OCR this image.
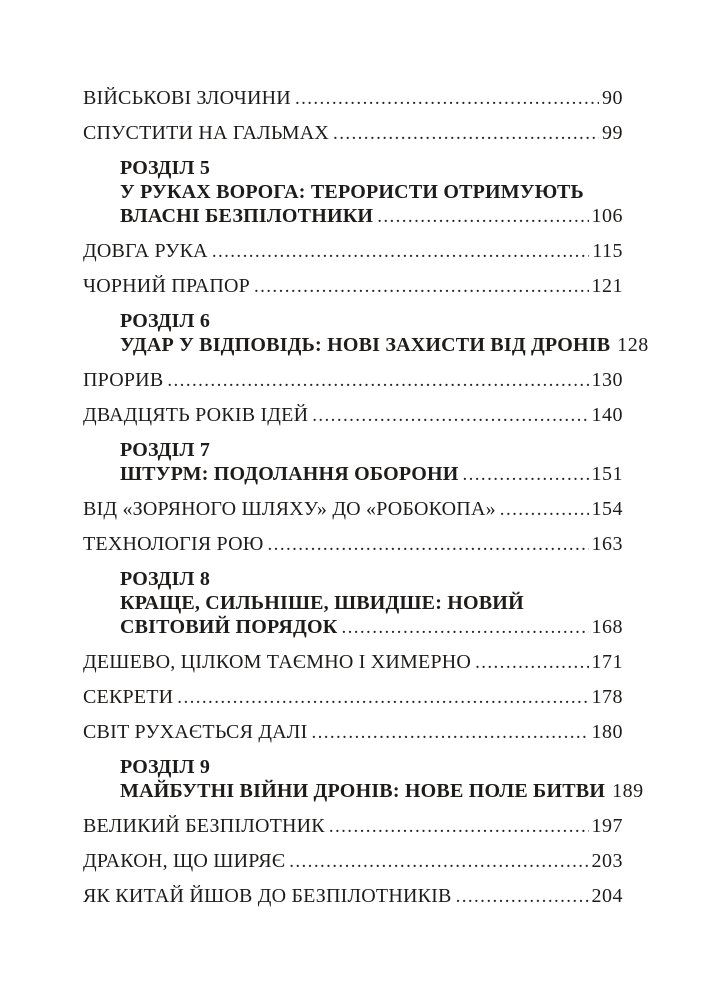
ВІЙСЬКОВІ ЗЛОЧИНИ .....	90
СПУСТИТИ НА ГАЛЬМАХ .....	99
РОЗДІЛ 5
У РУКАХ ВОРОГА: ТЕРОРИСТИ ОТРИМУЮТЬ
ВЛАСНІ БЕЗПІЛОТНИКИ .....	106
ДОВГА РУКА .....	115
ЧОРНИЙ ПРАПОР .....	121
РОЗДІЛ 6
УДАР У ВІДПОВІДЬ: НОВІ ЗАХИСТИ ВІД ДРОНІВ 128
ПРОРИВ .....	130
ДВАДЦЯТЬ РОКІВ ІДЕЙ .....	140
РОЗДІЛ 7
ШТУРМ: ПОДОЛАННЯ ОБОРОНИ .....	151
ВІД «ЗОРЯНОГО ШЛЯХУ» ДО «РОБОКОПА» .....	154
ТЕХНОЛОГІЯ РОЮ .....	163
РОЗДІЛ 8
КРАЩЕ, СИЛЬНІШЕ, ШВИДШЕ: НОВИЙ
СВІТОВИЙ ПОРЯДОК .....	168
ДЕШЕВО, ЦІЛКОМ ТАЄМНО І ХИМЕРНО .....	171
СЕКРЕТИ .....	178
СВІТ РУХАЄТЬСЯ ДАЛІ .....	180
РОЗДІЛ 9
МАЙБУТНІ ВІЙНИ ДРОНІВ: НОВЕ ПОЛЕ БИТВИ 189
ВЕЛИКИЙ БЕЗПІЛОТНИК .....	197
ДРАКОН, ЩО ШИРЯЄ .....	203
ЯК КИТАЙ ЙШОВ ДО БЕЗПІЛОТНИКІВ .....	204
